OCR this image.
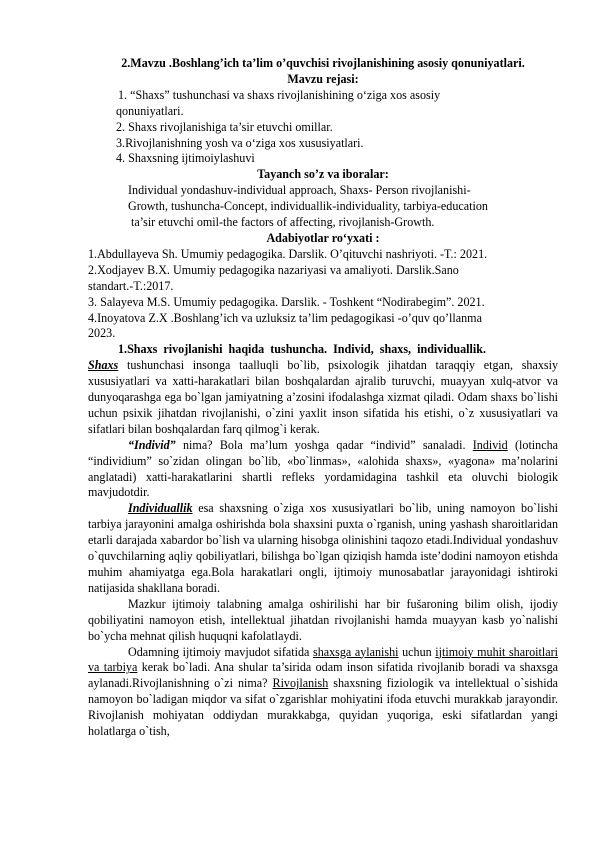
2.Mavzu .Boshlang’ich ta’lim o’quvchisi rivojlanishining asosiy qonuniyatlari.
Mavzu rejasi:
1. “Shaxs” tushunchasi va shaxs rivojlanishining o‘ziga xos asosiy
qonuniyatlari.
2. Shaxs rivojlanishiga ta’sir etuvchi omillar.
3.Rivojlanishning yosh va o‘ziga xos xususiyatlari.
4. Shaxsning ijtimoiylashuvi
Tayanch so’z va iboralar:
Individual yondashuv-individual approach, Shaxs- Person rivojlanishi-
Growth, tushuncha-Concept, individuallik-individuality, tarbiya-education
ta’sir etuvchi omil-the factors of affecting, rivojlanish-Growth.
Adabiyotlar ro‘yxati :
1.Abdullayeva Sh. Umumiy pedagogika. Darslik. O’qituvchi nashriyoti. -T.: 2021.
2.Xodjayev B.X. Umumiy pedagogika nazariyasi va amaliyoti. Darslik.Sano
standart.-T.:2017.
3. Salayeva M.S. Umumiy pedagogika. Darslik. - Toshkent “Nodirabegim”. 2021.
4.Inoyatova Z.X .Boshlang’ich va uzluksiz ta’lim pedagogikasi -o’quv qo’llanma
2023.
1.Shaxs  rivojlanishi  haqida  tushuncha.  Individ,  shaxs,  individuallik.

Shaxs tushunchasi insonga taalluqli bo`lib, psixologik jihatdan taraqqiy etgan, shaxsiy xususiyatlari va xatti-harakatlari bilan boshqalardan ajralib turuvchi, muayyan xulq-atvor va dunyoqarashga ega bo`lgan jamiyatning a’zosini ifodalashga xizmat qiladi. Odam shaxs bo`lishi uchun psixik jihatdan rivojlanishi, o`zini yaxlit inson sifatida his etishi, o`z xususiyatlari va sifatlari bilan boshqalardan farq qilmog`i kerak.

“Individ” nima? Bola ma’lum yoshga qadar “individ” sanaladi. Individ (lotincha “individium” so`zidan olingan bo`lib, «bo`linmas», «alohida shaxs», «yagona» ma’nolarini anglatadi) xatti-harakatlarini shartli refleks yordamidagina tashkil eta oluvchi biologik mavjudotdir.

Individuallik esa shaxsning o`ziga xos xususiyatlari bo`lib, uning namoyon bo`lishi tarbiya jarayonini amalga oshirishda bola shaxsini puxta o`rganish, uning yashash sharoitlaridan etarli darajada xabardor bo`lish va ularning hisobga olinishini taqozo etadi.Individual yondashuv o`quvchilarning aqliy qobiliyatlari, bilishga bo`lgan qiziqish hamda iste’dodini namoyon etishda muhim ahamiyatga ega.Bola harakatlari ongli, ijtimoiy munosabatlar jarayonidagi ishtiroki natijasida shakllana boradi.

Mazkur ijtimoiy talabning amalga oshirilishi har bir fušaroning bilim olish, ijodiy qobiliyatini namoyon etish, intellektual jihatdan rivojlanishi hamda muayyan kasb yo`nalishi bo`ycha mehnat qilish huquqni kafolatlaydi.

Odamning ijtimoiy mavjudot sifatida shaxsga aylanishi uchun ijtimoiy muhit sharoitlari va tarbiya kerak bo`ladi. Ana shular ta’sirida odam inson sifatida rivojlanib boradi va shaxsga aylanadi.Rivojlanishning o`zi nima? Rivojlanish shaxsning fiziologik va intellektual o`sishida namoyon bo`ladigan miqdor va sifat o`zgarishlar mohiyatini ifoda etuvchi murakkab jarayondir. Rivojlanish mohiyatan oddiydan murakkabga, quyidan yuqoriga, eski sifatlardan yangi holatlarga o`tish,
